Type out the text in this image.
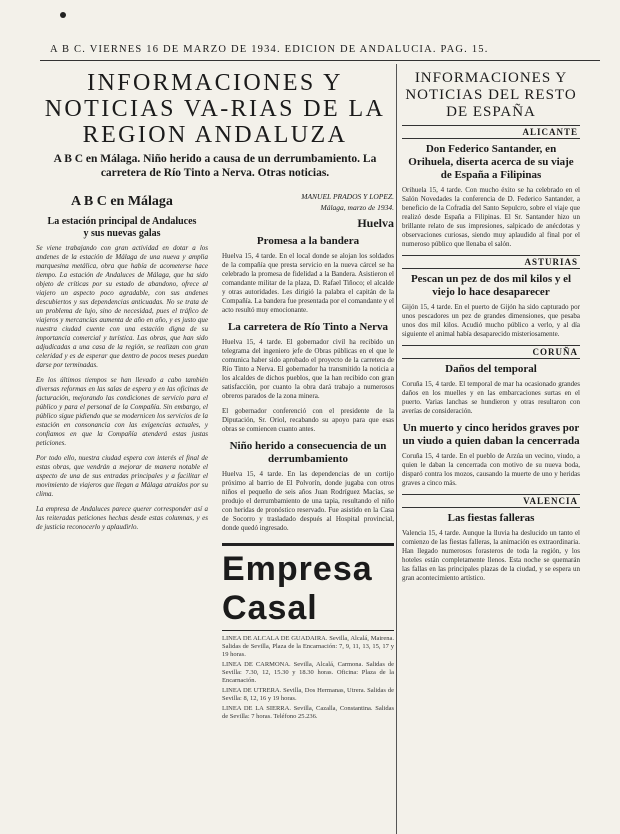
A B C. VIERNES 16 DE MARZO DE 1934. EDICION DE ANDALUCIA. PAG. 15.
INFORMACIONES Y NOTICIAS VA-RIAS DE LA REGION ANDALUZA
A B C en Málaga. Niño herido a causa de un derrumbamiento. La carretera de Río Tinto a Nerva. Otras noticias.
A B C en Málaga
La estación principal de Andaluces y sus nuevas galas

Se viene trabajando con gran actividad en dotar a los andenes de la estación de Málaga de una nueva y amplia marquesina metálica, obra que había de acometerse hace tiempo. La estación de Andaluces de Málaga, que ha sido objeto de críticas por su estado de abandono, ofrece al viajero un aspecto poco agradable, con sus andenes descubiertos y sus dependencias anticuadas. No se trata de un problema de lujo, sino de necesidad, pues el tráfico de viajeros y mercancías aumenta de año en año, y es justo que nuestra ciudad cuente con una estación digna de su importancia comercial y turística. Las obras, que han sido adjudicadas a una casa de la región, se realizan con gran celeridad y es de esperar que dentro de pocos meses puedan darse por terminadas.

En los últimos tiempos se han llevado a cabo también diversas reformas en las salas de espera y en las oficinas de facturación, mejorando las condiciones de servicio para el público y para el personal de la Compañía. Sin embargo, el público sigue pidiendo que se modernicen los servicios de la estación en consonancia con las exigencias actuales, y confiamos en que la Compañía atenderá estas justas peticiones.

Por todo ello, nuestra ciudad espera con interés el final de estas obras, que vendrán a mejorar de manera notable el aspecto de una de sus entradas principales y a facilitar el movimiento de viajeros que llegan a Málaga atraídos por su clima.

La empresa de Andaluces parece querer corresponder así a las reiteradas peticiones hechas desde estas columnas, y es de justicia reconocerlo y aplaudirlo.

MANUEL PRADOS Y LOPEZ.
Málaga, marzo de 1934.
Huelva
Promesa a la bandera

Huelva 15, 4 tarde. En el local donde se alojan los soldados de la compañía que presta servicio en la nueva cárcel se ha celebrado la promesa de fidelidad a la Bandera. Asistieron el comandante militar de la plaza, D. Rafael Tiñoco; el alcalde y otras autoridades. Les dirigió la palabra el capitán de la Compañía. La bandera fue presentada por el comandante y el acto resultó muy emocionante.

La carretera de Río Tinto a Nerva

Huelva 15, 4 tarde. El gobernador civil ha recibido un telegrama del ingeniero jefe de Obras públicas en el que le comunica haber sido aprobado el proyecto de la carretera de Río Tinto a Nerva. El gobernador ha transmitido la noticia a los alcaldes de dichos pueblos, que la han recibido con gran satisfacción, por cuanto la obra dará trabajo a numerosos obreros parados de la zona minera.

El gobernador conferenció con el presidente de la Diputación, Sr. Oriol, recabando su apoyo para que esas obras se comiencen cuanto antes.

Niño herido a consecuencia de un derrumbamiento

Huelva 15, 4 tarde. En las dependencias de un cortijo próximo al barrio de El Polvorín, donde jugaba con otros niños el pequeño de seis años Juan Rodríguez Macías, se produjo el derrumbamiento de una tapia, resultando el niño con heridas de pronóstico reservado. Fue asistido en la Casa de Socorro y trasladado después al Hospital provincial, donde quedó ingresado.

Empresa Casal

LINEA DE ALCALA DE GUADAIRA. Sevilla, Alcalá, Mairena. Salidas de Sevilla, Plaza de la Encarnación: 7, 9, 11, 13, 15, 17 y 19 horas.

LINEA DE CARMONA. Sevilla, Alcalá, Carmona. Salidas de Sevilla: 7.30, 12, 15.30 y 18.30 horas. Oficina: Plaza de la Encarnación.

LINEA DE UTRERA. Sevilla, Dos Hermanas, Utrera. Salidas de Sevilla: 8, 12, 16 y 19 horas.

LINEA DE LA SIERRA. Sevilla, Cazalla, Constantina. Salidas de Sevilla: 7 horas. Teléfono 25.236.

INFORMACIONES Y NOTICIAS DEL RESTO DE ESPAÑA
ALICANTE
Don Federico Santander, en Orihuela, diserta acerca de su viaje de España a Filipinas

Orihuela 15, 4 tarde. Con mucho éxito se ha celebrado en el Salón Novedades la conferencia de D. Federico Santander, a beneficio de la Cofradía del Santo Sepulcro, sobre el viaje que realizó desde España a Filipinas. El Sr. Santander hizo un brillante relato de sus impresiones, salpicado de anécdotas y observaciones curiosas, siendo muy aplaudido al final por el numeroso público que llenaba el salón.

ASTURIAS
Pescan un pez de dos mil kilos y el viejo lo hace desaparecer

Gijón 15, 4 tarde. En el puerto de Gijón ha sido capturado por unos pescadores un pez de grandes dimensiones, que pesaba unos dos mil kilos. Acudió mucho público a verlo, y al día siguiente el animal había desaparecido misteriosamente.

CORUÑA
Daños del temporal

Coruña 15, 4 tarde. El temporal de mar ha ocasionado grandes daños en los muelles y en las embarcaciones surtas en el puerto. Varias lanchas se hundieron y otras resultaron con averías de consideración.

Un muerto y cinco heridos graves por un viudo a quien daban la cencerrada

Coruña 15, 4 tarde. En el pueblo de Arzúa un vecino, viudo, a quien le daban la cencerrada con motivo de su nueva boda, disparó contra los mozos, causando la muerte de uno y heridas graves a cinco más.

VALENCIA
Las fiestas falleras

Valencia 15, 4 tarde. Aunque la lluvia ha deslucido un tanto el comienzo de las fiestas falleras, la animación es extraordinaria. Han llegado numerosos forasteros de toda la región, y los hoteles están completamente llenos. Esta noche se quemarán las fallas en las principales plazas de la ciudad, y se espera un gran acontecimiento artístico.
